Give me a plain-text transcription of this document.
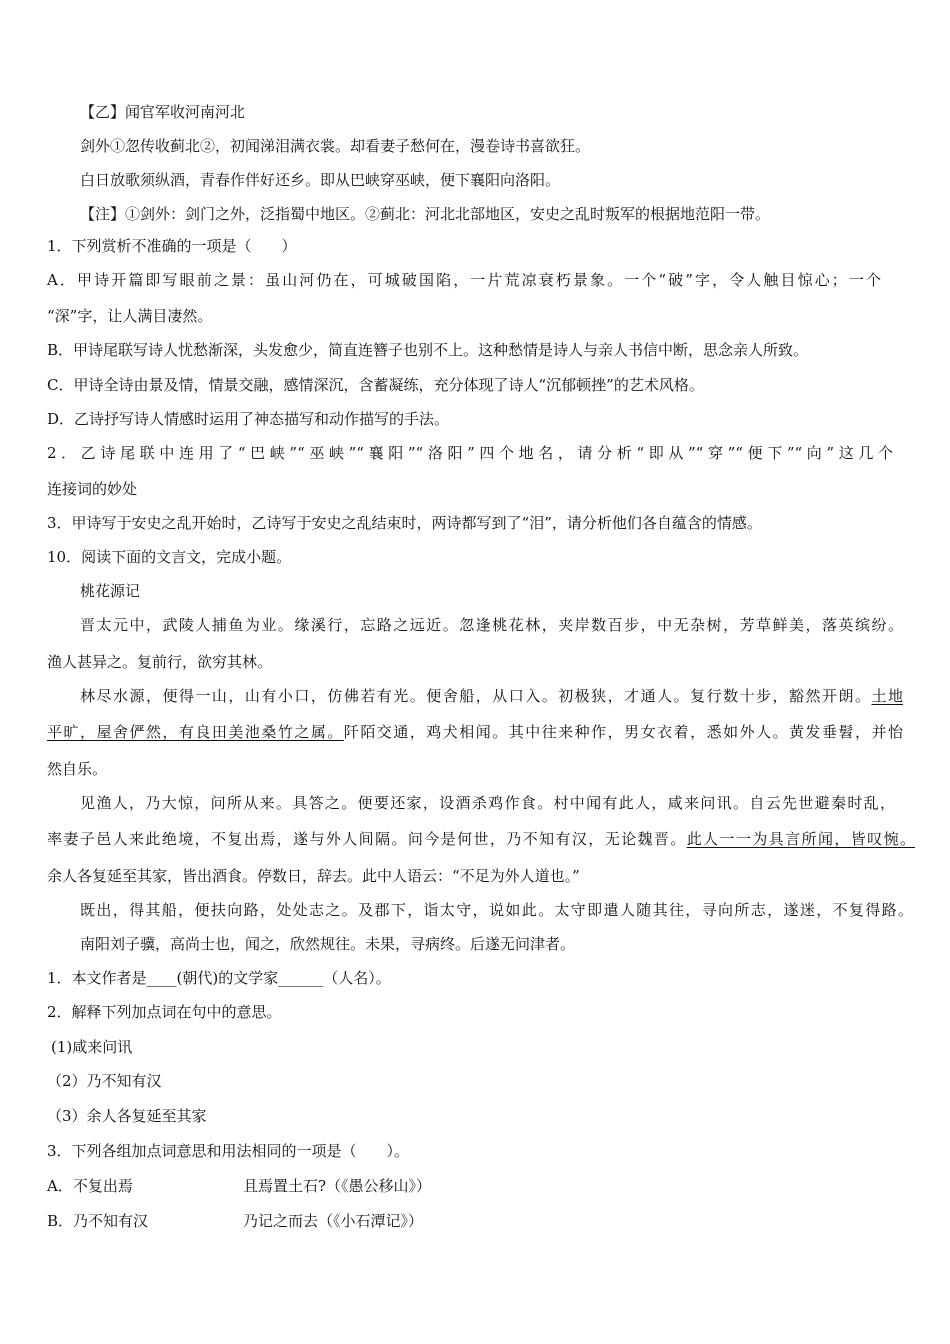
【乙】闻官军收河南河北
剑外①忽传收蓟北②，初闻涕泪满衣裳。却看妻子愁何在，漫卷诗书喜欲狂。
白日放歌须纵酒，青春作伴好还乡。即从巴峡穿巫峡，便下襄阳向洛阳。
【注】①剑外：剑门之外，泛指蜀中地区。②蓟北：河北北部地区，安史之乱时叛军的根据地范阳一带。
1．下列赏析不准确的一项是（　　）
A．甲诗开篇即写眼前之景：虽山河仍在，可城破国陷，一片荒凉衰朽景象。一个“破”字，令人触目惊心；一个
“深”字，让人满目凄然。
B．甲诗尾联写诗人忧愁渐深，头发愈少，简直连簪子也别不上。这种愁情是诗人与亲人书信中断，思念亲人所致。
C．甲诗全诗由景及情，情景交融，感情深沉，含蓄凝练，充分体现了诗人“沉郁顿挫”的艺术风格。
D．乙诗抒写诗人情感时运用了神态描写和动作描写的手法。
2．乙诗尾联中连用了“巴峡”“巫峡”“襄阳”“洛阳”四个地名，请分析“即从”“穿”“便下”“向”这几个
连接词的妙处
3．甲诗写于安史之乱开始时，乙诗写于安史之乱结束时，两诗都写到了“泪”，请分析他们各自蕴含的情感。
10．阅读下面的文言文，完成小题。
桃花源记
晋太元中，武陵人捕鱼为业。缘溪行，忘路之远近。忽逢桃花林，夹岸数百步，中无杂树，芳草鲜美，落英缤纷。
渔人甚异之。复前行，欲穷其林。
林尽水源，便得一山，山有小口，仿佛若有光。便舍船，从口入。初极狭，才通人。复行数十步，豁然开朗。土地
平旷，屋舍俨然，有良田美池桑竹之属。阡陌交通，鸡犬相闻。其中往来种作，男女衣着，悉如外人。黄发垂髫，并怡
然自乐。
见渔人，乃大惊，问所从来。具答之。便要还家，设酒杀鸡作食。村中闻有此人，咸来问讯。自云先世避秦时乱，
率妻子邑人来此绝境，不复出焉，遂与外人间隔。问今是何世，乃不知有汉，无论魏晋。此人一一为具言所闻，皆叹惋。
余人各复延至其家，皆出酒食。停数日，辞去。此中人语云：“不足为外人道也。”
既出，得其船，便扶向路，处处志之。及郡下，诣太守，说如此。太守即遣人随其往，寻向所志，遂迷，不复得路。
南阳刘子骥，高尚士也，闻之，欣然规往。未果，寻病终。后遂无问津者。
1．本文作者是____(朝代)的文学家______（人名）。
2．解释下列加点词在句中的意思。
(1)咸来问讯
（2）乃不知有汉
（3）余人各复延至其家
3．下列各组加点词意思和用法相同的一项是（　　）。
A．不复出焉	且焉置土石?（《愚公移山》）
B．乃不知有汉	乃记之而去（《小石潭记》）
